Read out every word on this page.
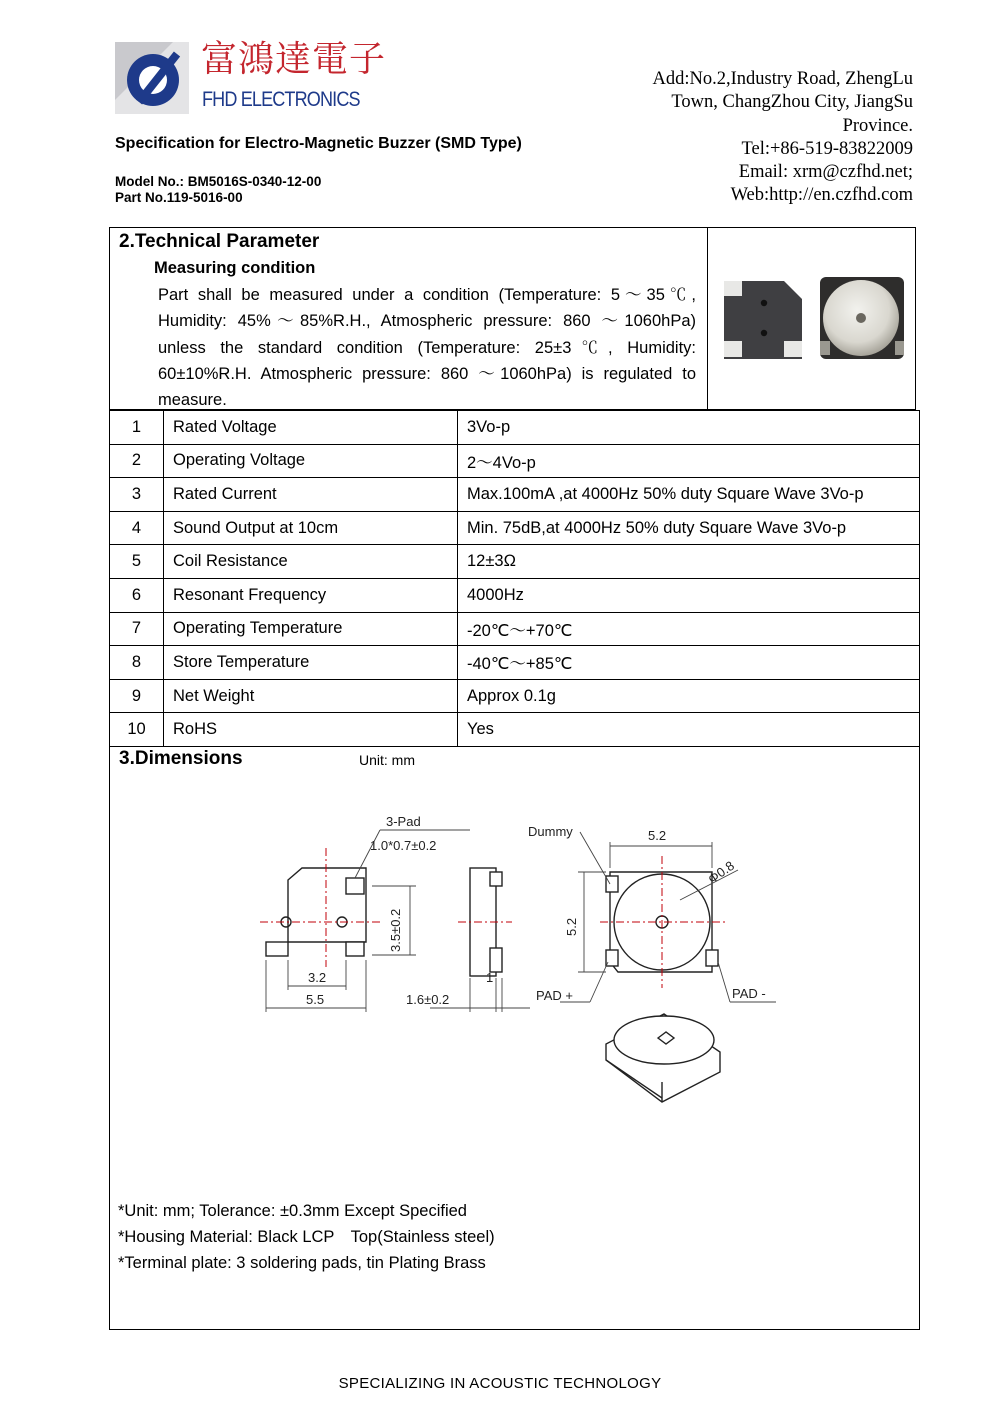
富鴻達電子
FHD ELECTRONICS
Specification for Electro-Magnetic Buzzer (SMD Type)
Model No.: BM5016S-0340-12-00
Part No.119-5016-00
Add:No.2,Industry Road, ZhengLu
Town, ChangZhou City, JiangSu
Province.
Tel:+86-519-83822009
Email: xrm@czfhd.net;
Web:http://en.czfhd.com
2.Technical Parameter
Measuring condition
Part shall be measured under a condition (Temperature: 5～35℃, Humidity: 45%～85%R.H., Atmospheric pressure: 860 ～1060hPa) unless the standard condition (Temperature: 25±3℃, Humidity: 60±10%R.H. Atmospheric pressure: 860 ～1060hPa) is regulated to measure.
1	Rated Voltage	3Vo-p
2	Operating Voltage	2～4Vo-p
3	Rated Current	Max.100mA ,at 4000Hz 50% duty Square Wave 3Vo-p
4	Sound Output at 10cm	Min. 75dB,at 4000Hz 50% duty Square Wave 3Vo-p
5	Coil Resistance	12±3Ω
6	Resonant Frequency	4000Hz
7	Operating Temperature	-20℃～+70℃
8	Store Temperature	-40℃～+85℃
9	Net Weight	Approx 0.1g
10	RoHS	Yes
3.Dimensions	Unit: mm
3-Pad
1.0*0.7±0.2
3.5±0.2
3.2
5.5	1.6±0.2
1
Dummy	5.2
5.2
Φ0.8
PAD +	PAD -
*Unit: mm; Tolerance: ±0.3mm Except Specified
*Housing Material: Black LCP　Top(Stainless steel)
*Terminal plate: 3 soldering pads, tin Plating Brass
SPECIALIZING IN ACOUSTIC TECHNOLOGY
